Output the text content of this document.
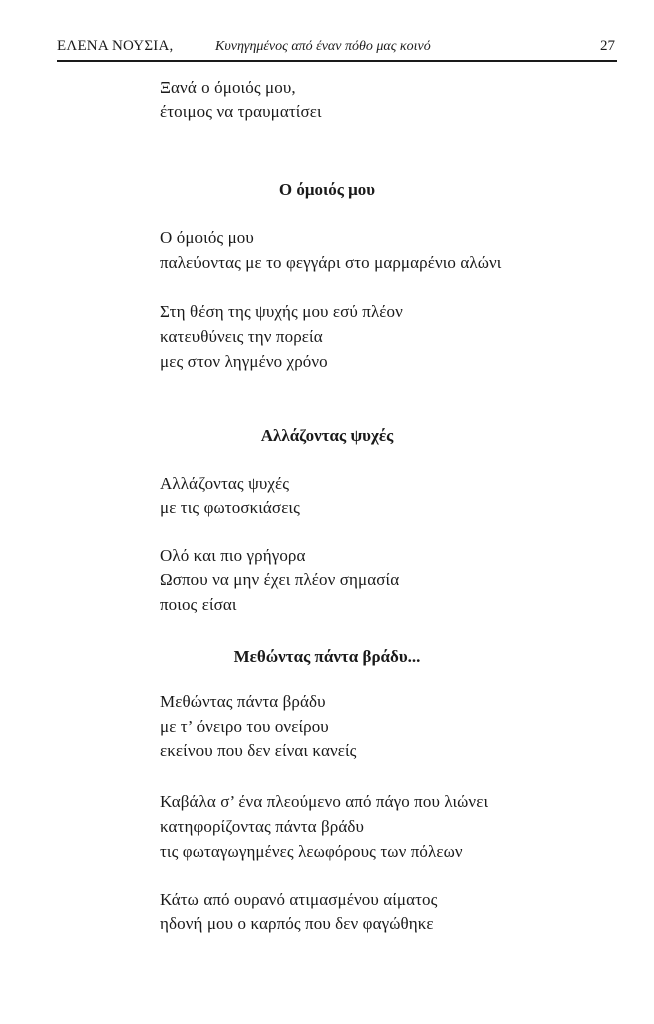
ΕΛΕΝΑ ΝΟΥΣΙΑ,	Κυνηγημένος από έναν πόθο μας κοινό	27
Ξανά ο όμοιός μου,
έτοιμος να τραυματίσει
Ο όμοιός μου
Ο όμοιός μου
παλεύοντας με το φεγγάρι στο μαρμαρένιο αλώνι
Στη θέση της ψυχής μου εσύ πλέον
κατευθύνεις την πορεία
μες στον ληγμένο χρόνο
Αλλάζοντας ψυχές
Αλλάζοντας ψυχές
με τις φωτοσκιάσεις
Ολό και πιο γρήγορα
Ωσπου να μην έχει πλέον σημασία
ποιος είσαι
Μεθώντας πάντα βράδυ...
Μεθώντας πάντα βράδυ
με τ’ όνειρο του ονείρου
εκείνου που δεν είναι κανείς
Καβάλα σ’ ένα πλεούμενο από πάγο που λιώνει
κατηφορίζοντας πάντα βράδυ
τις φωταγωγημένες λεωφόρους των πόλεων
Κάτω από ουρανό ατιμασμένου αίματος
ηδονή μου ο καρπός που δεν φαγώθηκε
